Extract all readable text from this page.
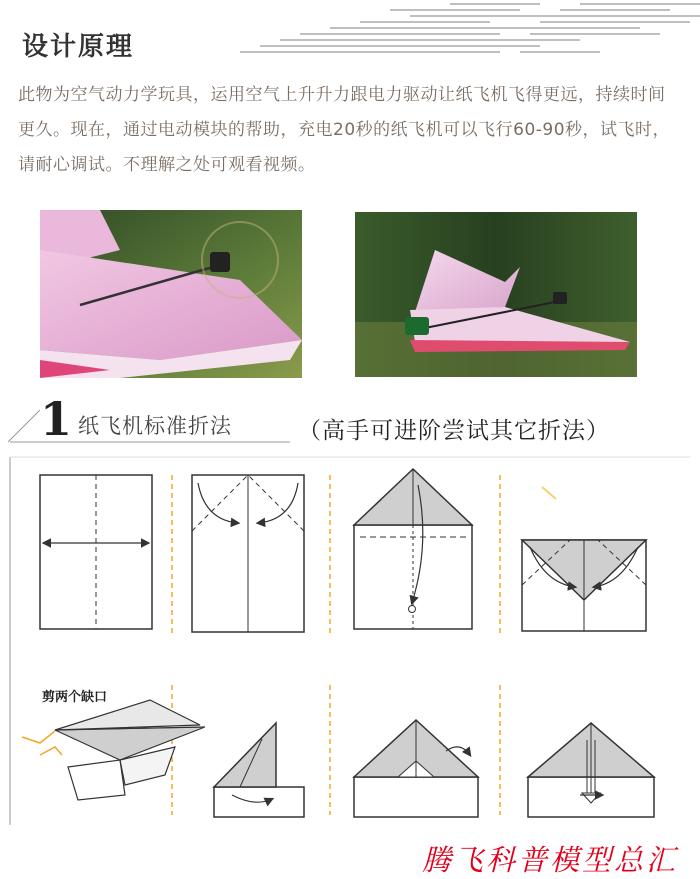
设计原理
此物为空气动力学玩具，运用空气上升升力跟电力驱动让纸飞机飞得更远，持续时间更久。现在，通过电动模块的帮助，充电20秒的纸飞机可以飞行60-90秒，试飞时，请耐心调试。不理解之处可观看视频。
1 纸飞机标准折法	（高手可进阶尝试其它折法）
剪两个缺口
腾飞科普模型总汇
